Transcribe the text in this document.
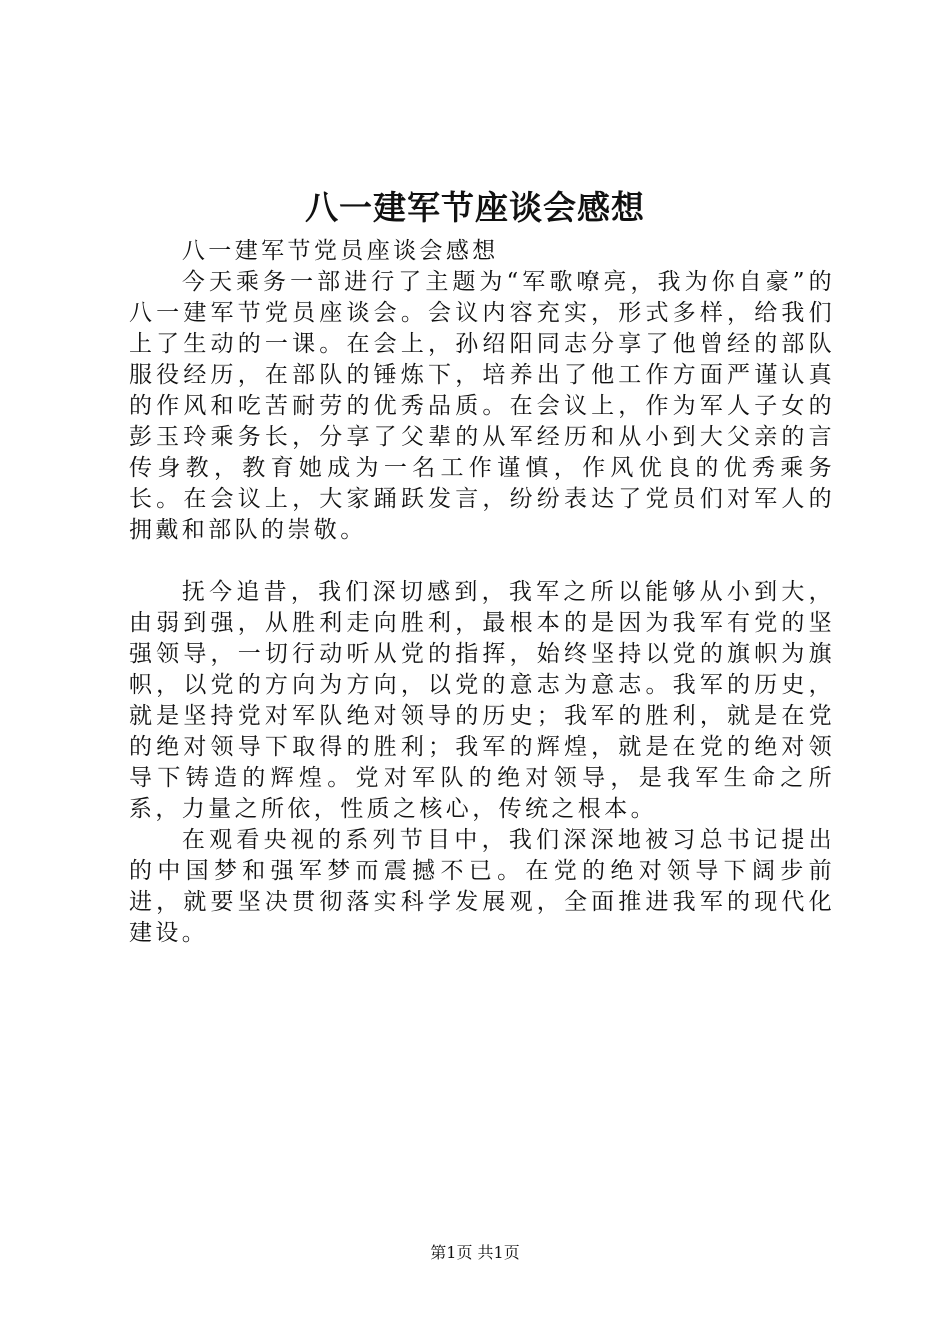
八一建军节座谈会感想

八一建军节党员座谈会感想

今天乘务一部进行了主题为“军歌嘹亮，我为你自豪”的八一建军节党员座谈会。会议内容充实，形式多样，给我们上了生动的一课。在会上，孙绍阳同志分享了他曾经的部队服役经历，在部队的锤炼下，培养出了他工作方面严谨认真的作风和吃苦耐劳的优秀品质。在会议上，作为军人子女的彭玉玲乘务长，分享了父辈的从军经历和从小到大父亲的言传身教，教育她成为一名工作谨慎，作风优良的优秀乘务长。在会议上，大家踊跃发言，纷纷表达了党员们对军人的拥戴和部队的崇敬。

抚今追昔，我们深切感到，我军之所以能够从小到大，由弱到强，从胜利走向胜利，最根本的是因为我军有党的坚强领导，一切行动听从党的指挥，始终坚持以党的旗帜为旗帜，以党的方向为方向，以党的意志为意志。我军的历史，就是坚持党对军队绝对领导的历史；我军的胜利，就是在党的绝对领导下取得的胜利；我军的辉煌，就是在党的绝对领导下铸造的辉煌。党对军队的绝对领导，是我军生命之所系，力量之所依，性质之核心，传统之根本。

在观看央视的系列节目中，我们深深地被习总书记提出的中国梦和强军梦而震撼不已。在党的绝对领导下阔步前进，就要坚决贯彻落实科学发展观，全面推进我军的现代化建设。

第1页 共1页
